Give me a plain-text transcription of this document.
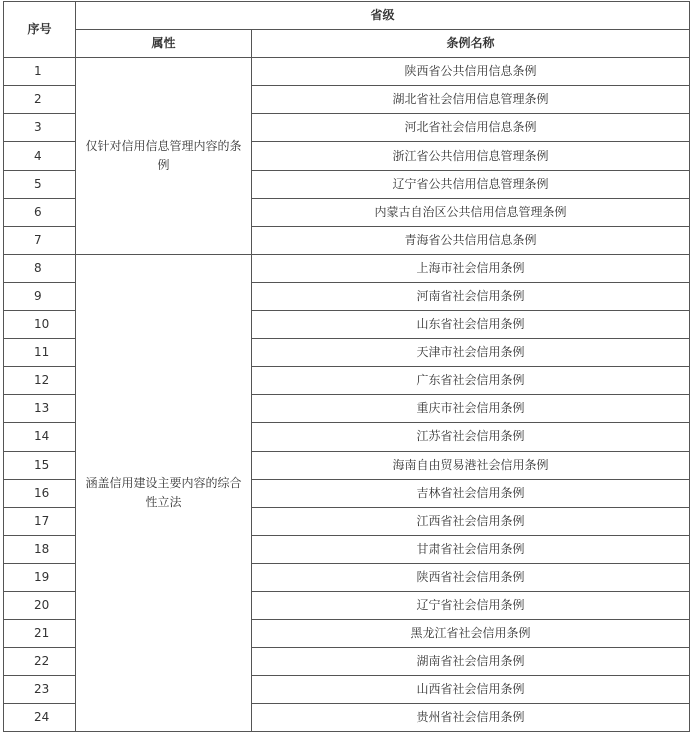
序号	省级	
	属性	条例名称
1	仅针对信用信息管理内容的条例	陕西省公共信用信息条例
2		湖北省社会信用信息管理条例
3		河北省社会信用信息条例
4		浙江省公共信用信息管理条例
5		辽宁省公共信用信息管理条例
6		内蒙古自治区公共信用信息管理条例
7		青海省公共信用信息条例
8	涵盖信用建设主要内容的综合性立法	上海市社会信用条例
9		河南省社会信用条例
10		山东省社会信用条例
11		天津市社会信用条例
12		广东省社会信用条例
13		重庆市社会信用条例
14		江苏省社会信用条例
15		海南自由贸易港社会信用条例
16		吉林省社会信用条例
17		江西省社会信用条例
18		甘肃省社会信用条例
19		陕西省社会信用条例
20		辽宁省社会信用条例
21		黑龙江省社会信用条例
22		湖南省社会信用条例
23		山西省社会信用条例
24		贵州省社会信用条例
